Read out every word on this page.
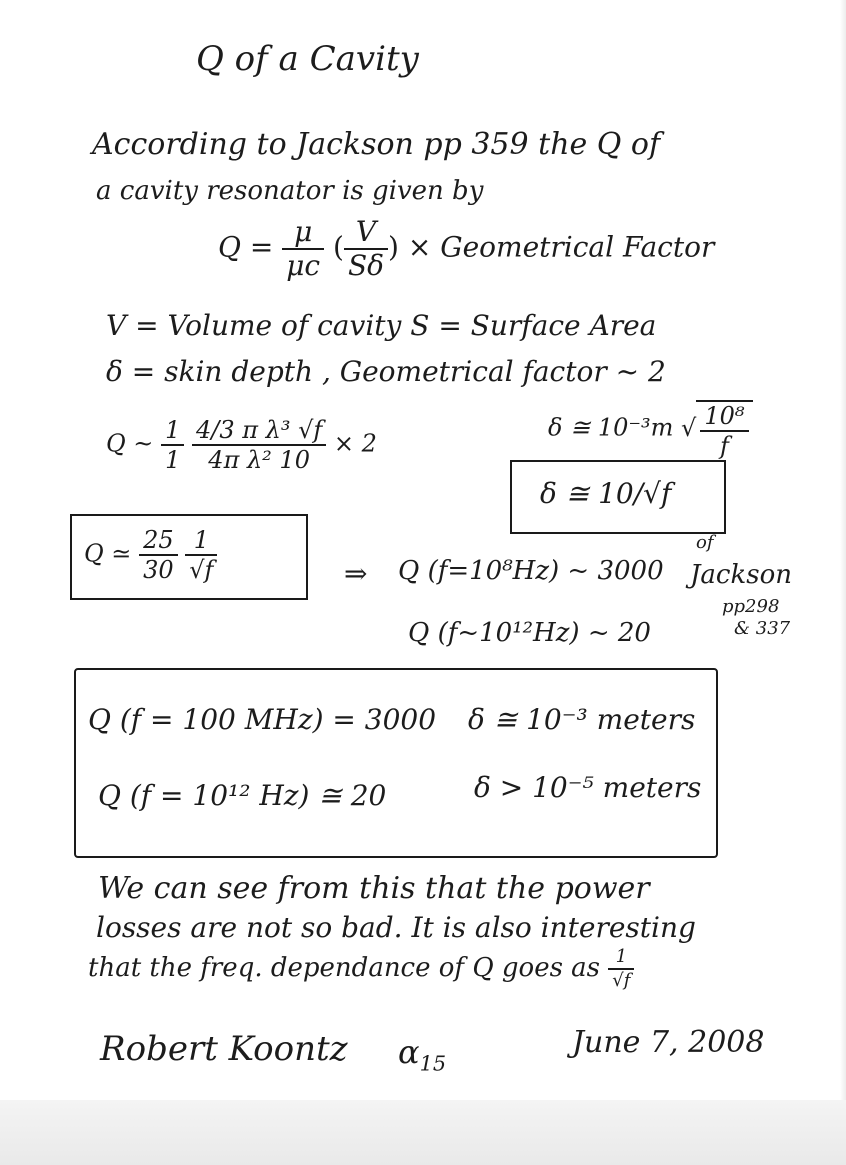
Q of a Cavity
According to Jackson pp 359 the Q of
a cavity resonator is given by
$Q = \frac{\mu}{\mu c}$ ( $\frac{V}{S\delta}$ ) × Geometrical Factor
V = Volume of cavity S = Surface Area
δ = skin depth , Geometrical factor ~ 2
Q ~ $\frac{1}{1}$
$\frac{\text{4/3 π λ³ √f}}{\text{4π λ² 10}} \times 2$
δ ≅ 10⁻³m √ $\frac{\text{10⁸}}{f}$
δ ≅ 10/√f
Q ≃ $\frac{25}{30}$
$\frac{1}{√f}$	⇒ Q (f=10⁸Hz) ~ 3000
Q (f~10¹²Hz) ~ 20
of
Jackson
pp298
& 337
Q (f = 100 MHz) = 3000 δ ≅ 10⁻³ meters
Q (f = 10¹² Hz) ≅ 20	δ > 10⁻⁵ meters
We can see from this that the power
losses are not so bad. It is also interesting
that the freq. dependance of Q goes as $\frac{1}{√f}$
Robert Koontz $\alpha_{15}$
June 7, 2008
